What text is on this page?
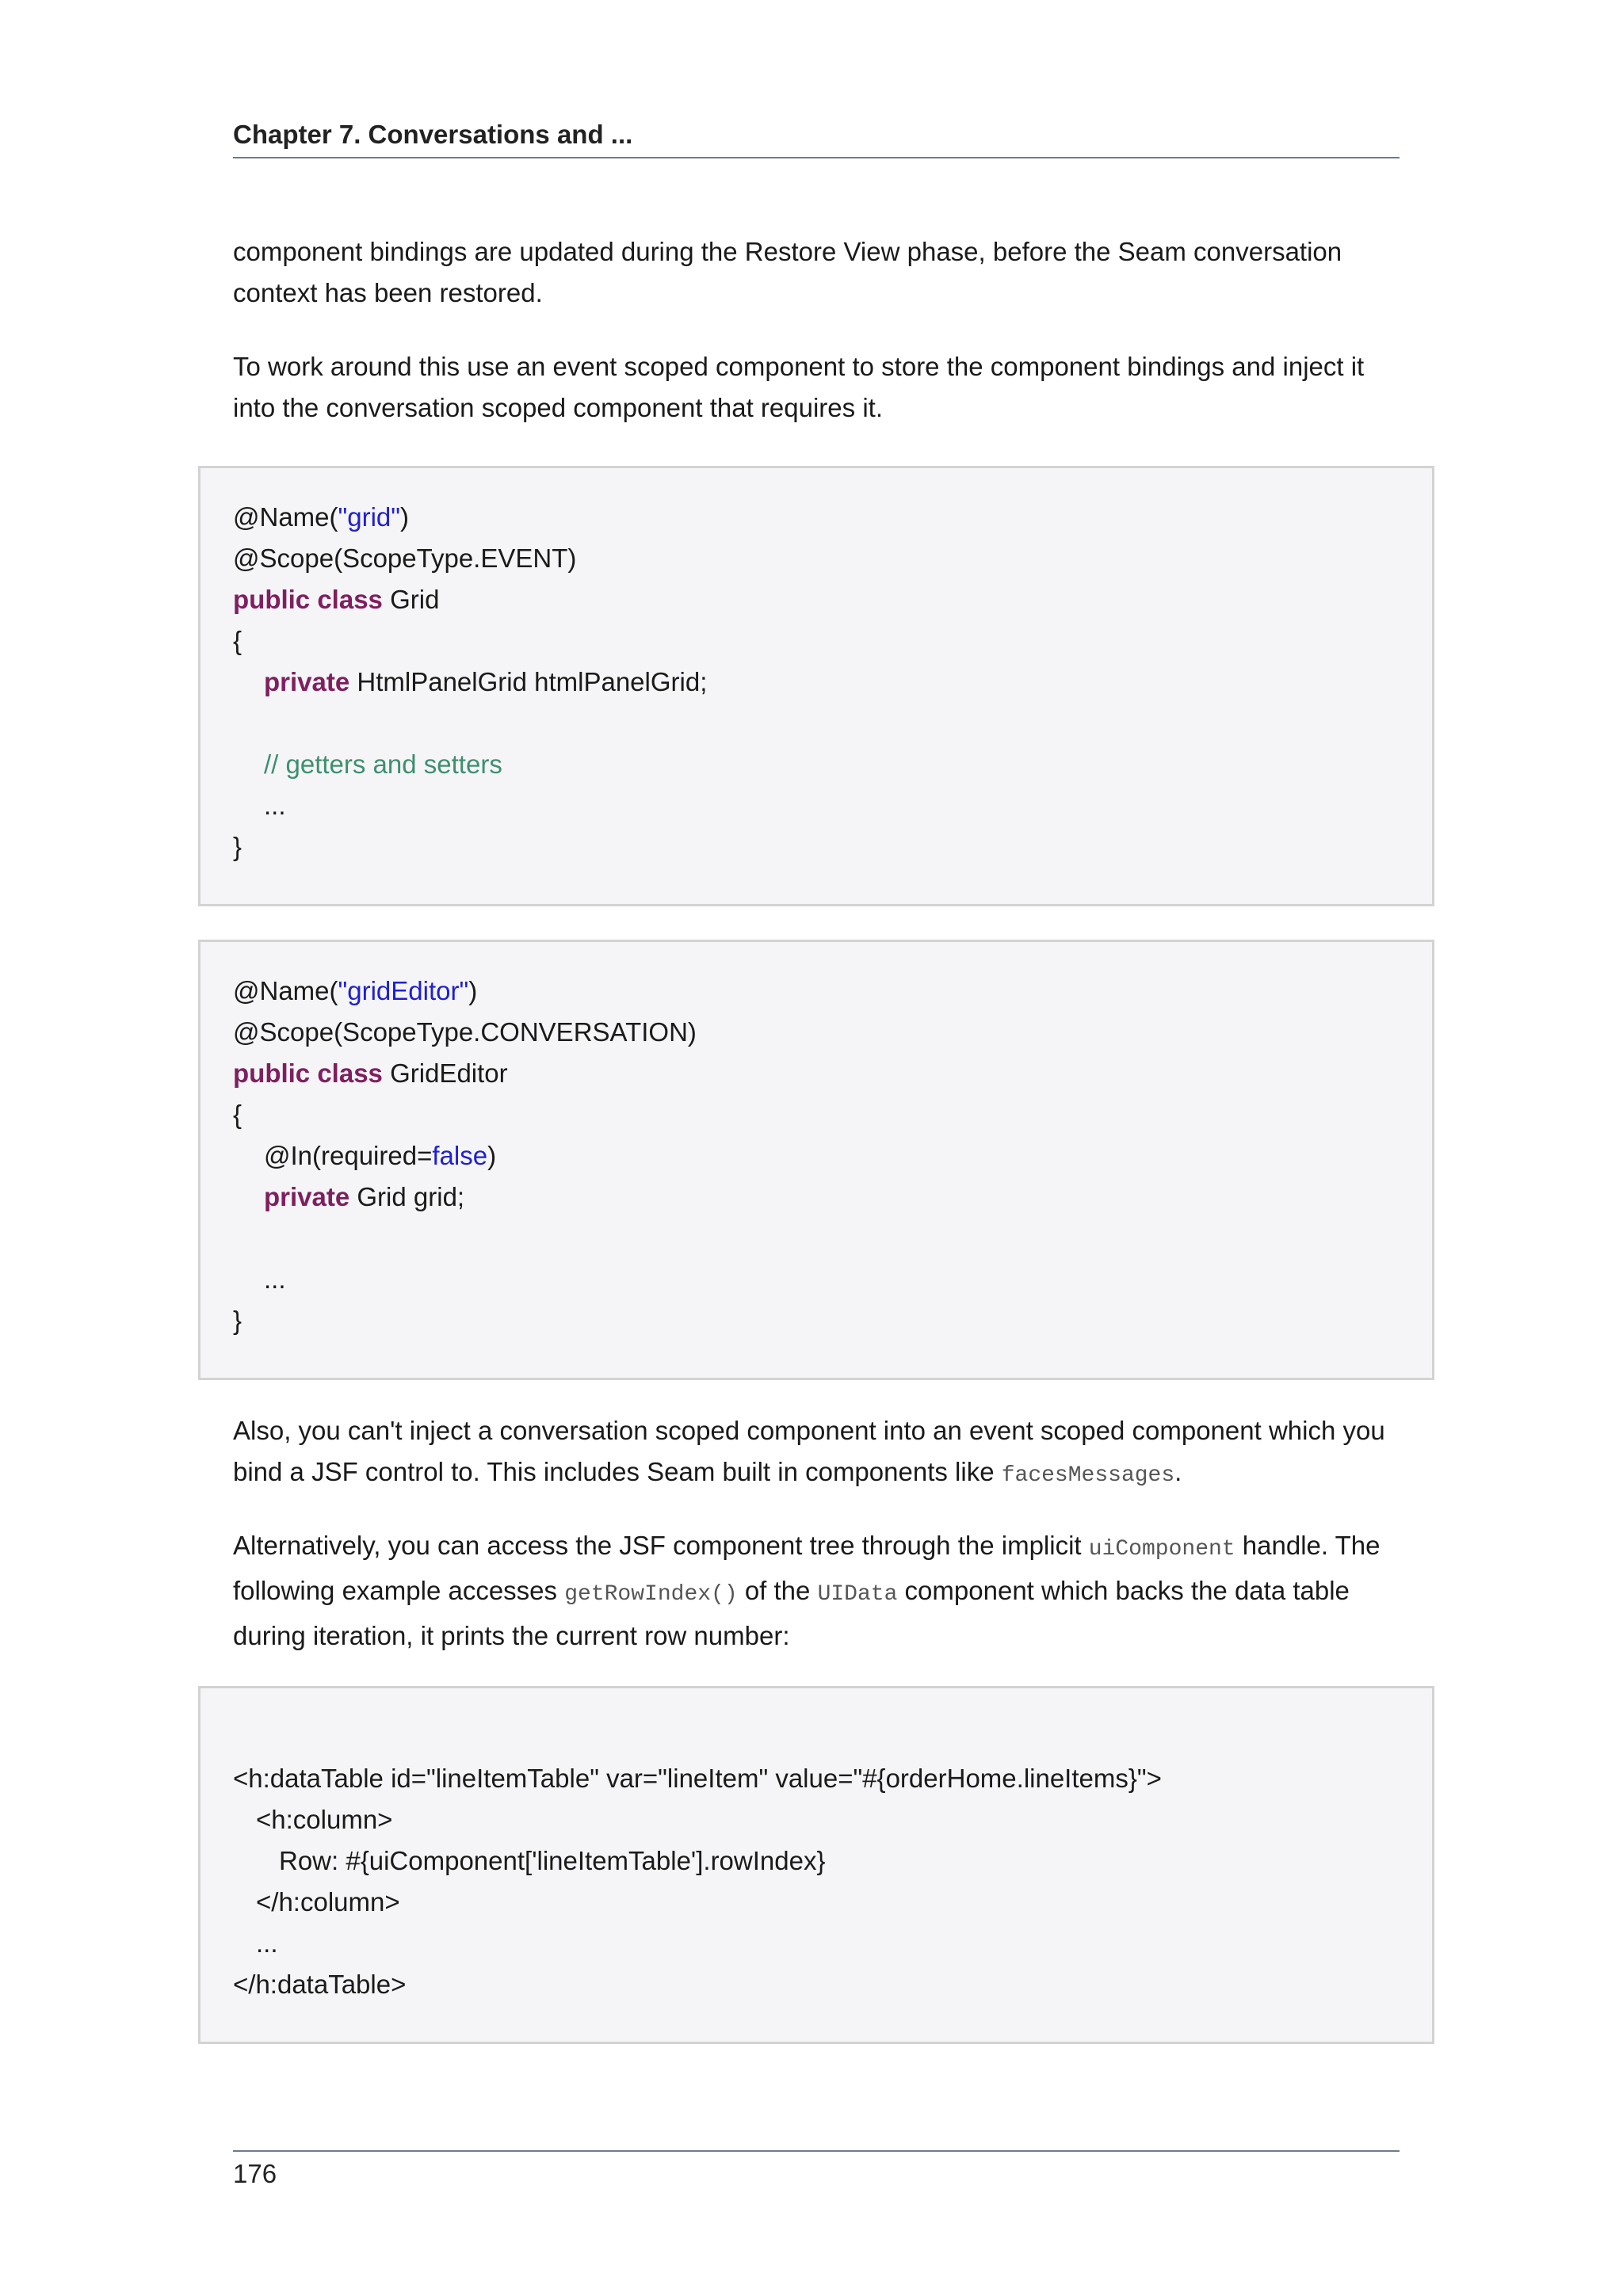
Chapter 7. Conversations and ...

component bindings are updated during the Restore View phase, before the Seam conversation context has been restored.

To work around this use an event scoped component to store the component bindings and inject it into the conversation scoped component that requires it.

@Name("grid")
@Scope(ScopeType.EVENT)
public class Grid
{
private HtmlPanelGrid htmlPanelGrid;
// getters and setters
...
}
@Name("gridEditor")
@Scope(ScopeType.CONVERSATION)
public class GridEditor
{
@In(required=false)
private Grid grid;
...
}

Also, you can't inject a conversation scoped component into an event scoped component which you bind a JSF control to. This includes Seam built in components like facesMessages.

Alternatively, you can access the JSF component tree through the implicit uiComponent handle. The following example accesses getRowIndex() of the UIData component which backs the data table during iteration, it prints the current row number:

<h:dataTable id="lineItemTable" var="lineItem" value="#{orderHome.lineItems}">
<h:column>
Row: #{uiComponent['lineItemTable'].rowIndex}
</h:column>
...
</h:dataTable>
176
